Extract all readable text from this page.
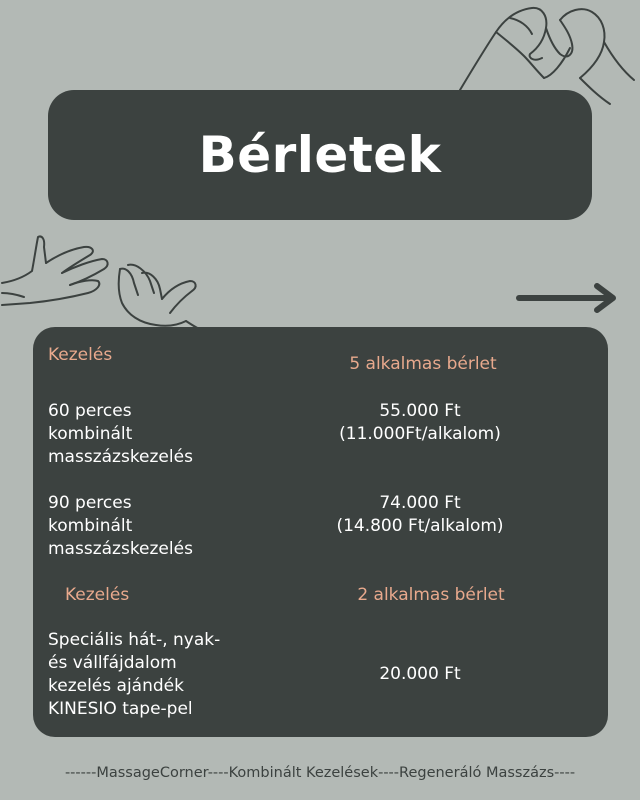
Bérletek

Kezelés	5 alkalmas bérlet

60 perces
kombinált
masszázskezelés

55.000 Ft
(11.000Ft/alkalom)

90 perces
kombinált
masszázskezelés

74.000 Ft
(14.800 Ft/alkalom)

Kezelés	2 alkalmas bérlet

Speciális hát-, nyak-
és vállfájdalom
kezelés ajándék
KINESIO tape-pel

20.000 Ft

------MassageCorner----Kombinált Kezelések----Regeneráló Masszázs----
